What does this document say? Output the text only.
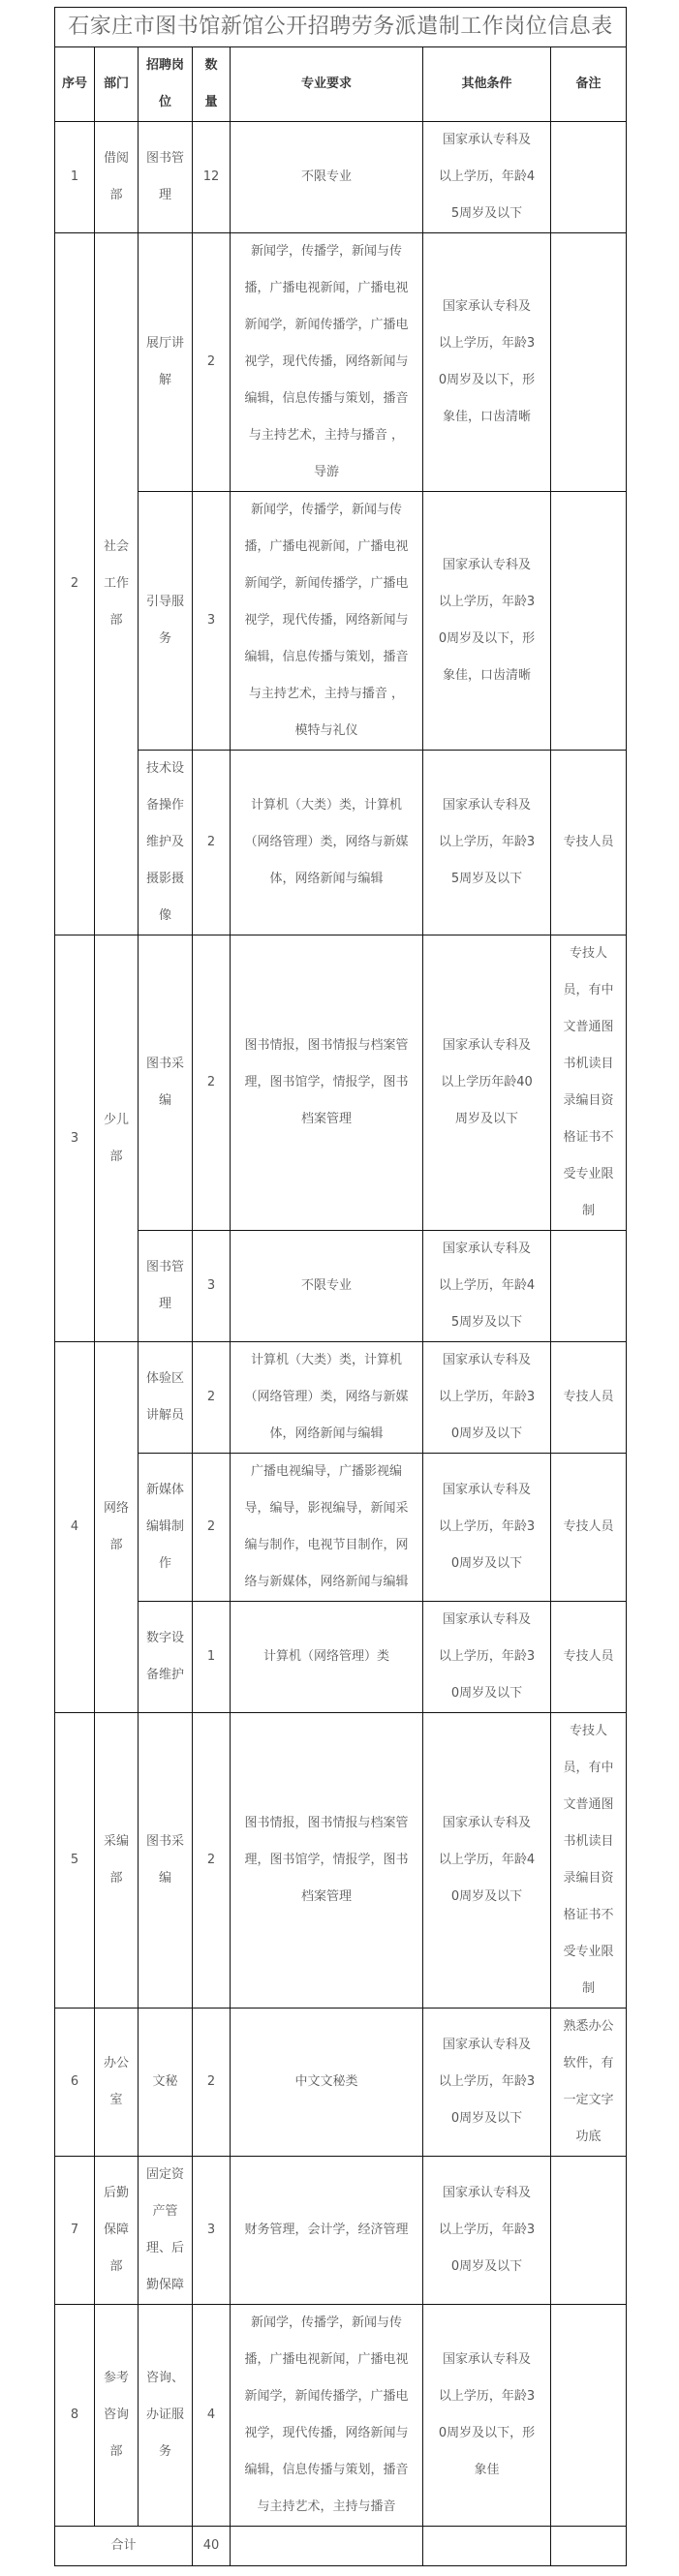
石家庄市图书馆新馆公开招聘劳务派遣制工作岗位信息表						
序号	部门	招聘岗位	数量	专业要求	其他条件	备注
1	借阅部	图书管理	12	不限专业	国家承认专科及以上学历，年龄45周岁及以下	
2	社会工作部	展厅讲解	2	新闻学，传播学，新闻与传播，广播电视新闻，广播电视新闻学，新闻传播学，广播电视学，现代传播，网络新闻与编辑，信息传播与策划，播音与主持艺术，主持与播音 ，导游	国家承认专科及以上学历，年龄30周岁及以下，形象佳，口齿清晰	
		引导服务	3	新闻学，传播学，新闻与传播，广播电视新闻，广播电视新闻学，新闻传播学，广播电视学，现代传播，网络新闻与编辑，信息传播与策划，播音与主持艺术，主持与播音 ，模特与礼仪	国家承认专科及以上学历，年龄30周岁及以下，形象佳，口齿清晰	
		技术设备操作维护及摄影摄像	2	计算机（大类）类，计算机（网络管理）类，网络与新媒体，网络新闻与编辑	国家承认专科及以上学历，年龄35周岁及以下	专技人员
3	少儿部	图书采编	2	图书情报，图书情报与档案管理，图书馆学，情报学，图书档案管理	国家承认专科及以上学历年龄40周岁及以下	专技人员，有中文普通图书机读目录编目资格证书不受专业限制
		图书管理	3	不限专业	国家承认专科及以上学历，年龄45周岁及以下	
4	网络部	体验区讲解员	2	计算机（大类）类，计算机（网络管理）类，网络与新媒体，网络新闻与编辑	国家承认专科及以上学历，年龄30周岁及以下	专技人员
		新媒体编辑制作	2	广播电视编导，广播影视编导，编导，影视编导，新闻采编与制作，电视节目制作，网络与新媒体，网络新闻与编辑	国家承认专科及以上学历，年龄30周岁及以下	专技人员
		数字设备维护	1	计算机（网络管理）类	国家承认专科及以上学历，年龄30周岁及以下	专技人员
5	采编部	图书采编	2	图书情报，图书情报与档案管理，图书馆学，情报学，图书档案管理	国家承认专科及以上学历，年龄40周岁及以下	专技人员，有中文普通图书机读目录编目资格证书不受专业限制
6	办公室	文秘	2	中文文秘类	国家承认专科及以上学历，年龄30周岁及以下	熟悉办公软件，有一定文字功底
7	后勤保障部	固定资产管理、后勤保障	3	财务管理，会计学，经济管理	国家承认专科及以上学历，年龄30周岁及以下	
8	参考咨询部	咨询、办证服务	4	新闻学，传播学，新闻与传播，广播电视新闻，广播电视新闻学，新闻传播学，广播电视学，现代传播，网络新闻与编辑，信息传播与策划，播音与主持艺术，主持与播音	国家承认专科及以上学历，年龄30周岁及以下，形象佳	
合计			40			
